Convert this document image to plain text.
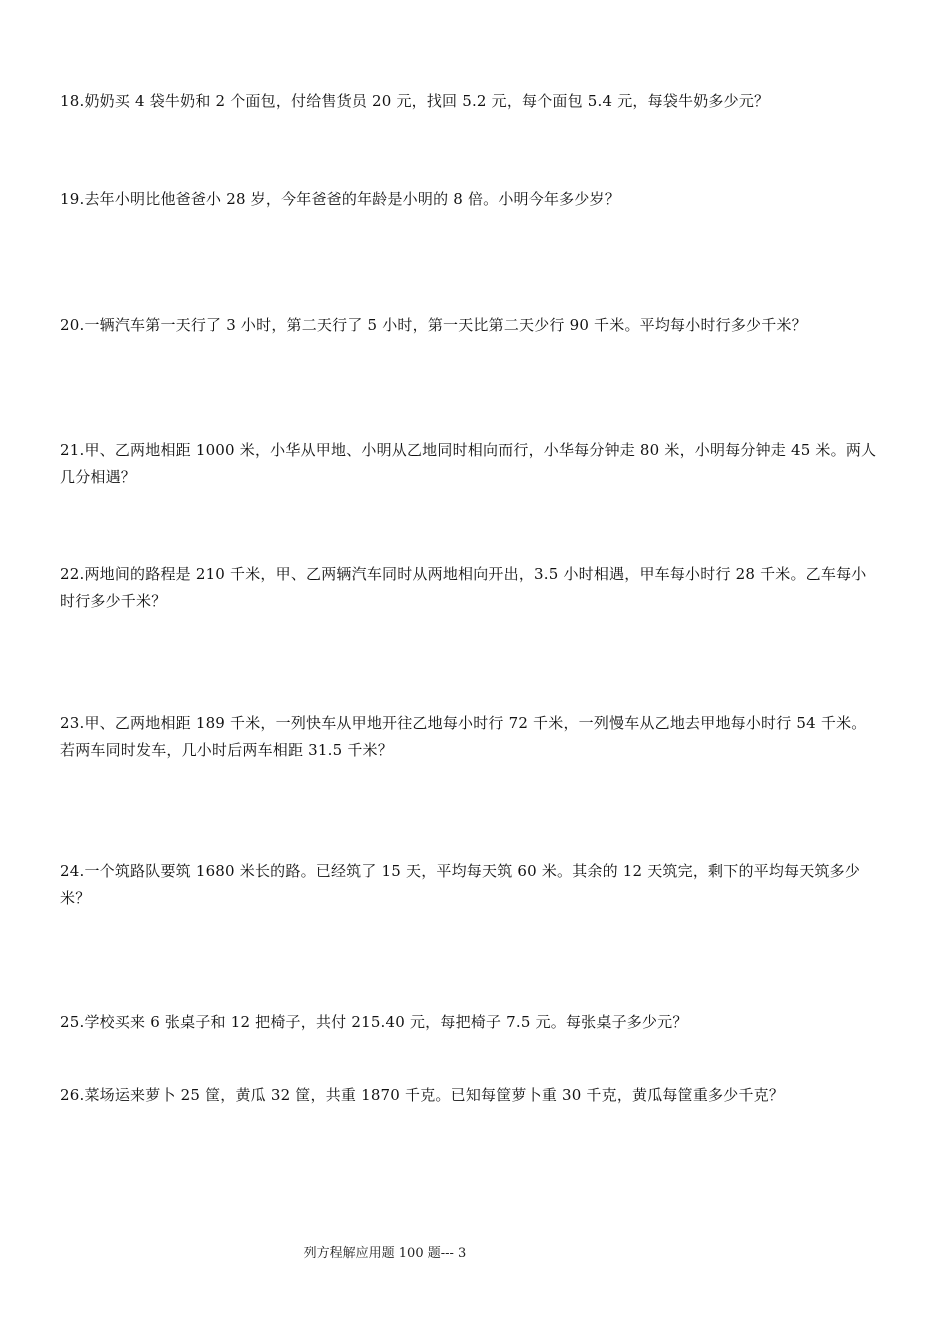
18.奶奶买 4 袋牛奶和 2 个面包，付给售货员 20 元，找回 5.2 元，每个面包 5.4 元，每袋牛奶多少元？

19.去年小明比他爸爸小 28 岁，今年爸爸的年龄是小明的 8 倍。小明今年多少岁？

20.一辆汽车第一天行了 3 小时，第二天行了 5 小时，第一天比第二天少行 90 千米。平均每小时行多少千米？

21.甲、乙两地相距 1000 米，小华从甲地、小明从乙地同时相向而行，小华每分钟走 80 米，小明每分钟走 45 米。两人几分相遇？

22.两地间的路程是 210 千米，甲、乙两辆汽车同时从两地相向开出，3.5 小时相遇，甲车每小时行 28 千米。乙车每小时行多少千米？

23.甲、乙两地相距 189 千米，一列快车从甲地开往乙地每小时行 72 千米，一列慢车从乙地去甲地每小时行 54 千米。若两车同时发车，几小时后两车相距 31.5 千米？

24.一个筑路队要筑 1680 米长的路。已经筑了 15 天，平均每天筑 60 米。其余的 12 天筑完，剩下的平均每天筑多少米？

25.学校买来 6 张桌子和 12 把椅子，共付 215.40 元，每把椅子 7.5 元。每张桌子多少元？

26.菜场运来萝卜 25 筐，黄瓜 32 筐，共重 1870 千克。已知每筐萝卜重 30 千克，黄瓜每筐重多少千克？

列方程解应用题 100 题--- 3
